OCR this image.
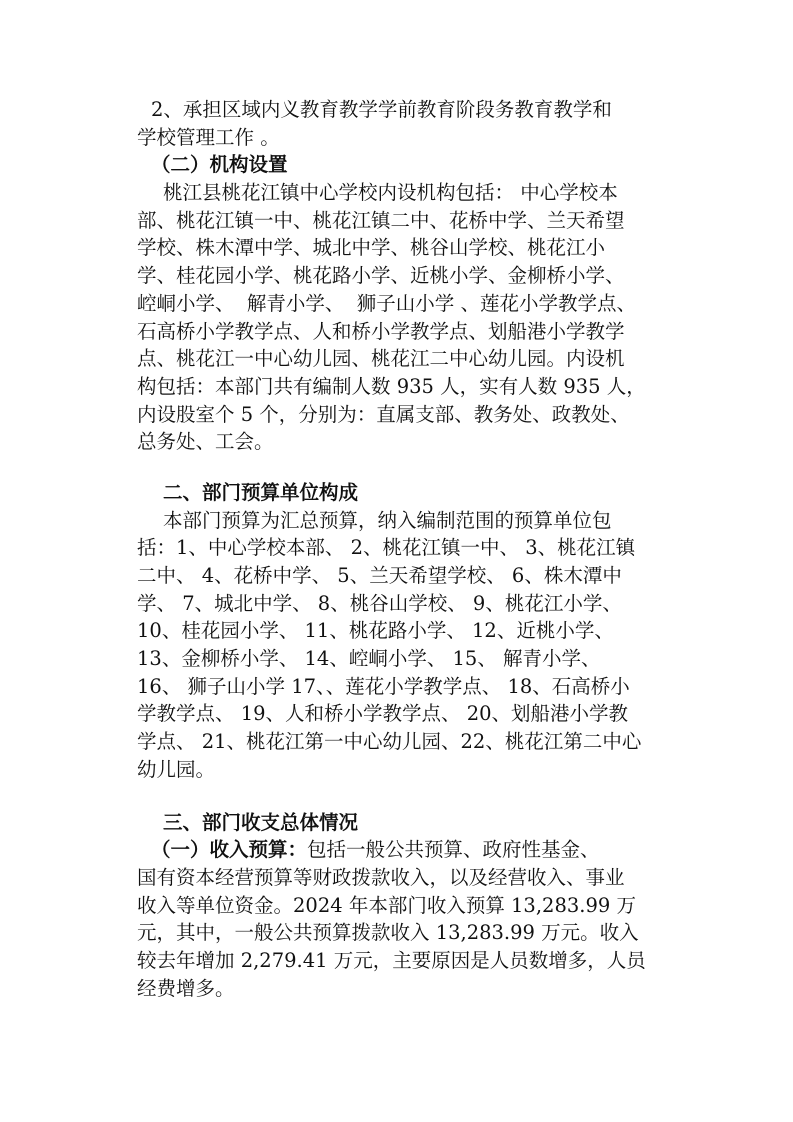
2、承担区域内义教育教学学前教育阶段务教育教学和
学校管理工作 。
（二）机构设置
桃江县桃花江镇中心学校内设机构包括： 中心学校本
部、桃花江镇一中、桃花江镇二中、花桥中学、兰天希望
学校、株木潭中学、城北中学、桃谷山学校、桃花江小
学、桂花园小学、桃花路小学、近桃小学、金柳桥小学、
崆峒小学、  解青小学、  狮子山小学 、莲花小学教学点、
石高桥小学教学点、人和桥小学教学点、划船港小学教学
点、桃花江一中心幼儿园、桃花江二中心幼儿园。内设机
构包括：本部门共有编制人数 935 人，实有人数 935 人，
内设股室个 5 个，分别为：直属支部、教务处、政教处、
总务处、工会。
二、部门预算单位构成
本部门预算为汇总预算，纳入编制范围的预算单位包
括：1、中心学校本部、 2、桃花江镇一中、 3、桃花江镇
二中、 4、花桥中学、 5、兰天希望学校、 6、株木潭中
学、 7、城北中学、 8、桃谷山学校、 9、桃花江小学、
10、桂花园小学、 11、桃花路小学、 12、近桃小学、
13、金柳桥小学、 14、崆峒小学、 15、 解青小学、
16、 狮子山小学 17、、莲花小学教学点、 18、石高桥小
学教学点、 19、人和桥小学教学点、 20、划船港小学教
学点、 21、桃花江第一中心幼儿园、22、桃花江第二中心
幼儿园。
三、部门收支总体情况
（一）收入预算：包括一般公共预算、政府性基金、
国有资本经营预算等财政拨款收入，以及经营收入、事业
收入等单位资金。2024 年本部门收入预算 13,283.99 万
元，其中，一般公共预算拨款收入 13,283.99 万元。收入
较去年增加 2,279.41 万元，主要原因是人员数增多，人员
经费增多。
